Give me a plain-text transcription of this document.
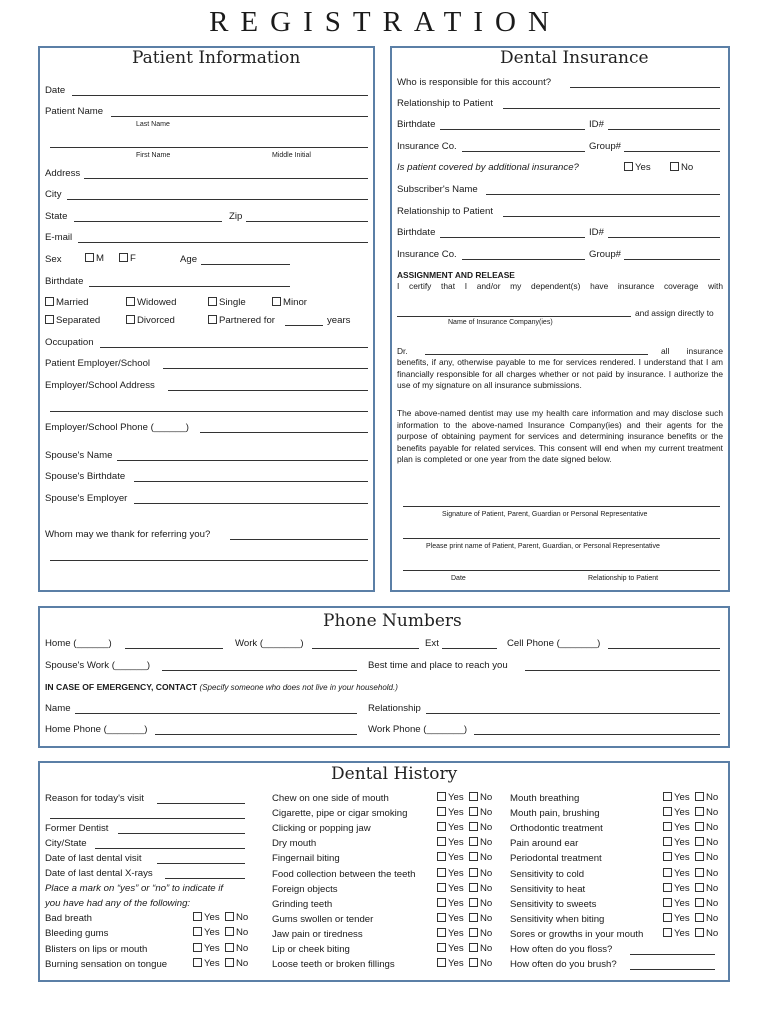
REGISTRATION
Patient Information
Date
Patient Name
Last Name
First Name	Middle Initial
Address
City
State	Zip
E-mail
Sex	M	F	Age
Birthdate
Married	Widowed	Single	Minor
Separated	Divorced	Partnered for	years
Occupation
Patient Employer/School
Employer/School Address
Employer/School Phone (______)
Spouse's Name
Spouse's Birthdate
Spouse's Employer
Whom may we thank for referring you?
Dental Insurance
Who is responsible for this account?
Relationship to Patient
Birthdate	ID#
Insurance Co.	Group#
Is patient covered by additional insurance?	Yes	No
Subscriber's Name
Relationship to Patient
Birthdate	ID#
Insurance Co.	Group#
ASSIGNMENT AND RELEASE
I certify that I and/or my dependent(s) have insurance coverage with
and assign directly to
Name of Insurance Company(ies)
Dr.	all insurance
benefits, if any, otherwise payable to me for services rendered. I understand that I am financially responsible for all charges whether or not paid by insurance. I authorize the use of my signature on all insurance submissions.
The above-named dentist may use my health care information and may disclose such information to the above-named Insurance Company(ies) and their agents for the purpose of obtaining payment for services and determining insurance benefits or the benefits payable for related services. This consent will end when my current treatment plan is completed or one year from the date signed below.
Signature of Patient, Parent, Guardian or Personal Representative
Please print name of Patient, Parent, Guardian, or Personal Representative
Date	Relationship to Patient
Phone Numbers
Home (______)	Work (_______)	Ext	Cell Phone (_______)
Spouse's Work (______)	Best time and place to reach you
IN CASE OF EMERGENCY, CONTACT (Specify someone who does not live in your household.)
Name	Relationship
Home Phone (_______)	Work Phone (_______)
Dental History
Reason for today's visit
Former Dentist
City/State
Date of last dental visit
Date of last dental X-rays
Place a mark on “yes” or “no” to indicate if
you have had any of the following:
Bad breath	Yes	No
Bleeding gums	Yes	No
Blisters on lips or mouth	Yes	No
Burning sensation on tongue	Yes	No
Chew on one side of mouth	Yes	No
Cigarette, pipe or cigar smoking	Yes	No
Clicking or popping jaw	Yes	No
Dry mouth	Yes	No
Fingernail biting	Yes	No
Food collection between the teeth	Yes	No
Foreign objects	Yes	No
Grinding teeth	Yes	No
Gums swollen or tender	Yes	No
Jaw pain or tiredness	Yes	No
Lip or cheek biting	Yes	No
Loose teeth or broken fillings	Yes	No
Mouth breathing	Yes	No
Mouth pain, brushing	Yes	No
Orthodontic treatment	Yes	No
Pain around ear	Yes	No
Periodontal treatment	Yes	No
Sensitivity to cold	Yes	No
Sensitivity to heat	Yes	No
Sensitivity to sweets	Yes	No
Sensitivity when biting	Yes	No
Sores or growths in your mouth	Yes	No
How often do you floss?
How often do you brush?
